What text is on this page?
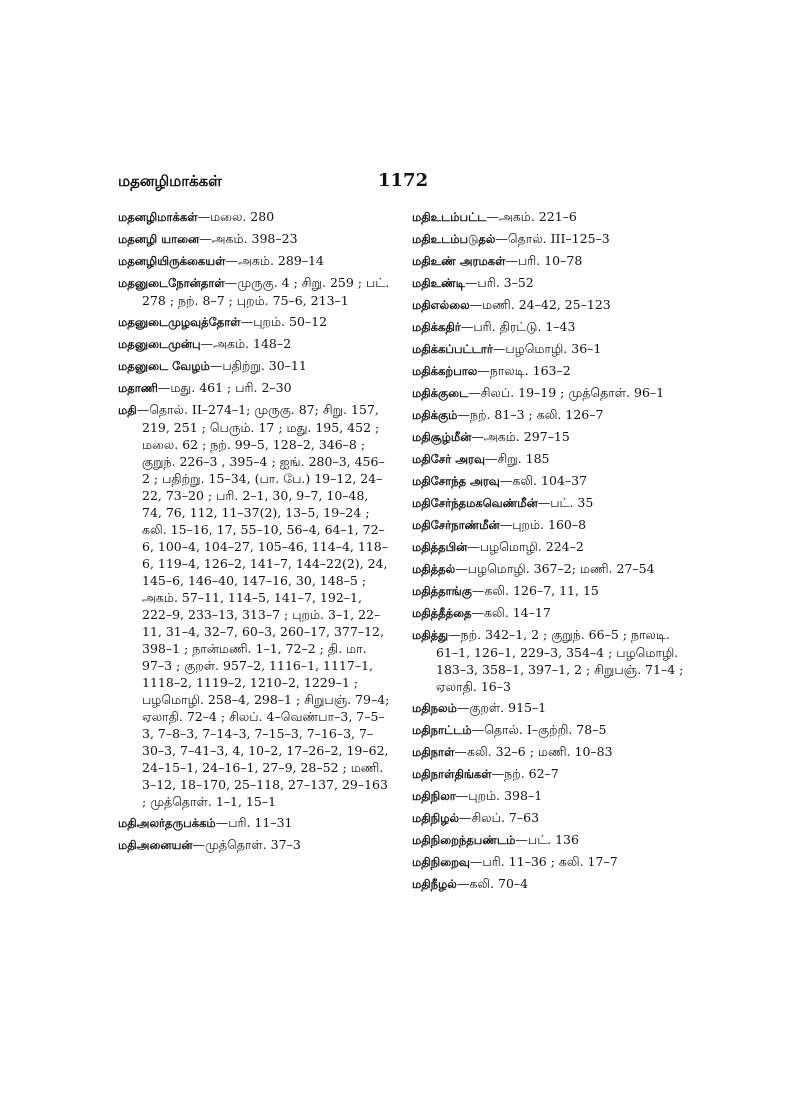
மதனழிமாக்கள்	1172
மதனழிமாக்கள்—மலை. 280
மதனழி யானை—அகம். 398–23
மதனழியிருக்கையள்—அகம். 289–14
மதனுடைநோன்தாள்—முருகு. 4 ; சிறு. 259 ; பட். 278 ; நற். 8–7 ; புறம். 75–6, 213–1
மதனுடைமுழவுத்தோள்—புறம். 50–12
மதனுடைமுன்பு—அகம். 148–2
மதனுடை வேழம்—பதிற்று. 30–11
மதாணி—மது. 461 ; பரி. 2–30
மதி—தொல். II–274–1; முருகு. 87; சிறு. 157, 219, 251 ; பெரும். 17 ; மது. 195, 452 ; மலை. 62 ; நற். 99–5, 128–2, 346–8 ; குறுந். 226–3 , 395–4 ; ஐங். 280–3, 456–2 ; பதிற்று. 15–34, (பா. பே.) 19–12, 24–22, 73–20 ; பரி. 2–1, 30, 9–7, 10–48, 74, 76, 112, 11–37(2), 13–5, 19–24 ; கலி. 15–16, 17, 55–10, 56–4, 64–1, 72–6, 100–4, 104–27, 105–46, 114–4, 118–6, 119–4, 126–2, 141–7, 144–22(2), 24, 145–6, 146–40, 147–16, 30, 148–5 ; அகம். 57–11, 114–5, 141–7, 192–1, 222–9, 233–13, 313–7 ; புறம். 3–1, 22–11, 31–4, 32–7, 60–3, 260–17, 377–12, 398–1 ; நான்மணி. 1–1, 72–2 ; தி. மா. 97–3 ; குறள். 957–2, 1116–1, 1117–1, 1118–2, 1119–2, 1210–2, 1229–1 ; பழமொழி. 258–4, 298–1 ; சிறுபஞ். 79–4; ஏலாதி. 72–4 ; சிலப். 4–வெண்பா–3, 7–5–3, 7–8–3, 7–14–3, 7–15–3, 7–16–3, 7–30–3, 7–41–3, 4, 10–2, 17–26–2, 19–62, 24–15–1, 24–16–1, 27–9, 28–52 ; மணி. 3–12, 18–170, 25–118, 27–137, 29–163 ; முத்தொள். 1–1, 15–1
மதிஅலர்தருபக்கம்—பரி. 11–31
மதிஅனையன்—முத்தொள். 37–3
மதிஉடம்பட்ட—அகம். 221–6
மதிஉடம்படுதல்—தொல். III–125–3
மதிஉண் அரமகள்—பரி. 10–78
மதிஉண்டி—பரி. 3–52
மதிஎல்லை—மணி. 24–42, 25–123
மதிக்கதிர்—பரி. திரட்டு. 1–43
மதிக்கப்பட்டார்—பழமொழி. 36–1
மதிக்கற்பால—நாலடி. 163–2
மதிக்குடை—சிலப். 19–19 ; முத்தொள். 96–1
மதிக்கும்—நற். 81–3 ; கலி. 126–7
மதிசூழ்மீன்—அகம். 297–15
மதிசேர் அரவு—சிறு. 185
மதிசோந்த அரவு—கலி. 104–37
மதிசேர்ந்தமகவெண்மீன்—பட். 35
மதிசேர்நாண்மீன்—புறம். 160–8
மதித்தபின்—பழமொழி. 224–2
மதித்தல்—பழமொழி. 367–2; மணி. 27–54
மதித்தாங்கு—கலி. 126–7, 11, 15
மதித்தீத்தை—கலி. 14–17
மதித்து—நற். 342–1, 2 ; குறுந். 66–5 ; நாலடி. 61–1, 126–1, 229–3, 354–4 ; பழமொழி. 183–3, 358–1, 397–1, 2 ; சிறுபஞ். 71–4 ; ஏலாதி. 16–3
மதிநலம்—குறள். 915–1
மதிநாட்டம்—தொல். I–குற்றி. 78–5
மதிநாள்—கலி. 32–6 ; மணி. 10–83
மதிநாள்திங்கள்—நற். 62–7
மதிநிலா—புறம். 398–1
மதிநிழல்—சிலப். 7–63
மதிநிறைந்தபண்டம்—பட். 136
மதிநிறைவு—பரி. 11–36 ; கலி. 17–7
மதிநீழல்—கலி. 70–4
